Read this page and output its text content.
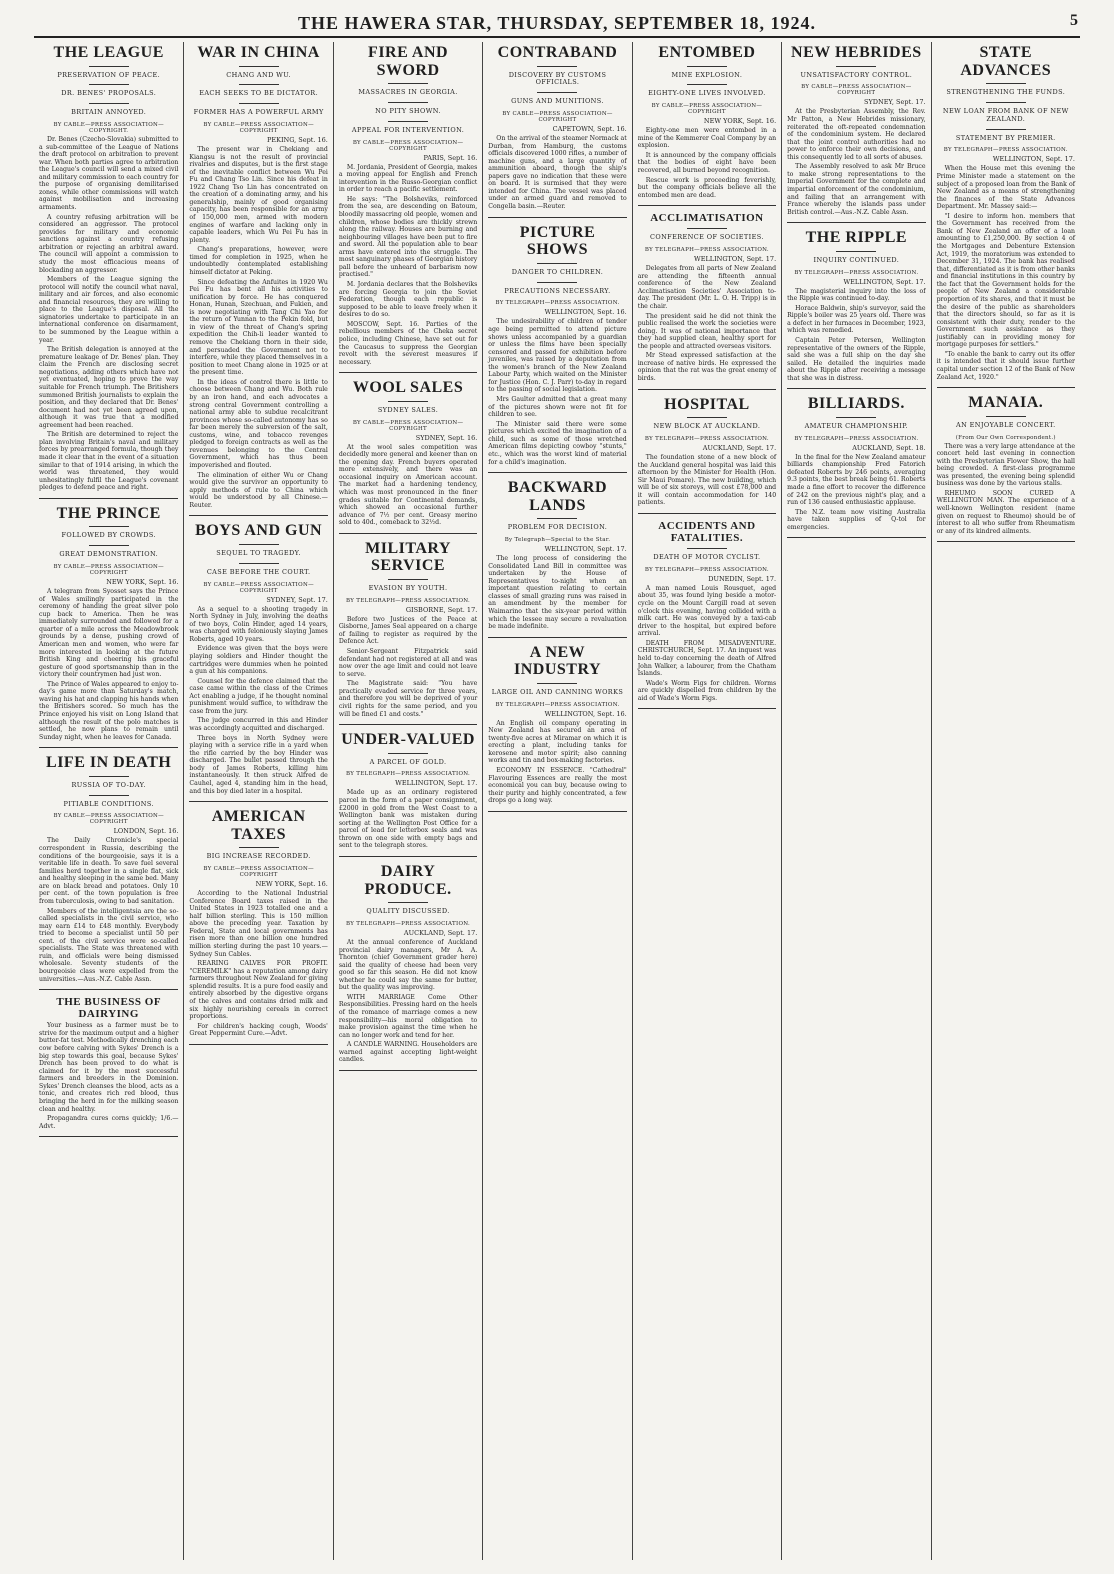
THE HAWERA STAR, THURSDAY, SEPTEMBER 18, 1924.	5
THE LEAGUE
PRESERVATION OF PEACE.
DR. BENES' PROPOSALS.
BRITAIN ANNOYED.
BY CABLE—PRESS ASSOCIATION—COPYRIGHT.

Dr. Benes (Czecho-Slovakia) submitted to a sub-committee of the League of Nations the draft protocol on arbitration to prevent war. When both parties agree to arbitration the League's council will send a mixed civil and military commission to each country for the purpose of organising demilitarised zones, while other commissions will watch against mobilisation and increasing armaments.

A country refusing arbitration will be considered an aggressor. The protocol provides for military and economic sanctions against a country refusing arbitration or rejecting an arbitral award. The council will appoint a commission to study the most efficacious means of blockading an aggressor.

Members of the League signing the protocol will notify the council what naval, military and air forces, and also economic and financial resources, they are willing to place to the League's disposal. All the signatories undertake to participate in an international conference on disarmament, to be summoned by the League within a year.

The British delegation is annoyed at the premature leakage of Dr. Benes' plan. They claim the French are disclosing secret negotiations, adding others which have not yet eventuated, hoping to prove the way suitable for French triumph. The Britishers summoned British journalists to explain the position, and they declared that Dr. Benes' document had not yet been agreed upon, although it was true that a modified agreement had been reached.

The British are determined to reject the plan involving Britain's naval and military forces by prearranged formula, though they made it clear that in the event of a situation similar to that of 1914 arising, in which the world was threatened, they would unhesitatingly fulfil the League's covenant pledges to defend peace and right.

THE PRINCE
FOLLOWED BY CROWDS.
GREAT DEMONSTRATION.
BY CABLE—PRESS ASSOCIATION—COPYRIGHT
NEW YORK, Sept. 16.

A telegram from Syosset says the Prince of Wales smilingly participated in the ceremony of handing the great silver polo cup back to America. Then he was immediately surrounded and followed for a quarter of a mile across the Meadowbrook grounds by a dense, pushing crowd of American men and women, who were far more interested in looking at the future British King and cheering his graceful gesture of good sportsmanship than in the victory their countrymen had just won.

The Prince of Wales appeared to enjoy to-day's game more than Saturday's match, waving his hat and clapping his hands when the Britishers scored. So much has the Prince enjoyed his visit on Long Island that although the result of the polo matches is settled, he now plans to remain until Sunday night, when he leaves for Canada.

LIFE IN DEATH
RUSSIA OF TO-DAY.
PITIABLE CONDITIONS.
BY CABLE—PRESS ASSOCIATION—COPYRIGHT
LONDON, Sept. 16.

The Daily Chronicle's special correspondent in Russia, describing the conditions of the bourgeoisie, says it is a veritable life in death. To save fuel several families herd together in a single flat, sick and healthy sleeping in the same bed. Many are on black bread and potatoes. Only 10 per cent. of the town population is free from tuberculosis, owing to bad sanitation.

Members of the intelligentsia are the so-called specialists in the civil service, who may earn £14 to £48 monthly. Everybody tried to become a specialist until 50 per cent. of the civil service were so-called specialists. The State was threatened with ruin, and officials were being dismissed wholesale. Seventy students of the bourgeoisie class were expelled from the universities.—Aus.-N.Z. Cable Assn.

THE BUSINESS OF DAIRYING

Your business as a farmer must be to strive for the maximum output and a higher butter-fat test. Methodically drenching each cow before calving with Sykes' Drench is a big step towards this goal, because Sykes' Drench has been proved to do what is claimed for it by the most successful farmers and breeders in the Dominion. Sykes' Drench cleanses the blood, acts as a tonic, and creates rich red blood, thus bringing the herd in for the milking season clean and healthy.

Propagandra cures corns quickly; 1/6.—Advt.

WAR IN CHINA
CHANG AND WU.
EACH SEEKS TO BE DICTATOR.
FORMER HAS A POWERFUL ARMY
BY CABLE—PRESS ASSOCIATION—COPYRIGHT
PEKING, Sept. 16.

The present war in Chekiang and Kiangsu is not the result of provincial rivalries and disputes, but is the first stage of the inevitable conflict between Wu Pei Fu and Chang Tso Lin. Since his defeat in 1922 Chang Tso Lin has concentrated on the creation of a dominating army, and his generalship, mainly of good organising capacity, has been responsible for an army of 150,000 men, armed with modern engines of warfare and lacking only in capable leaders, which Wu Pei Fu has in plenty.

Chang's preparations, however, were timed for completion in 1925, when he undoubtedly contemplated establishing himself dictator at Peking.

Since defeating the Anfuites in 1920 Wu Pei Fu has bent all his activities to unification by force. He has conquered Honan, Hunan, Szechuan, and Fukien, and is now negotiating with Tang Chi Yao for the return of Yunnan to the Pekin fold, but in view of the threat of Chang's spring expedition the Chih-li leader wanted to remove the Chekiang thorn in their side, and persuaded the Government not to interfere, while they placed themselves in a position to meet Chang alone in 1925 or at the present time.

In the ideas of control there is little to choose between Chang and Wu. Both rule by an iron hand, and each advocates a strong central Government controlling a national army able to subdue recalcitrant provinces whose so-called autonomy has so far been merely the subversion of the salt, customs, wine, and tobacco revenges pledged to foreign contracts as well as the revenues belonging to the Central Government, which has thus been impoverished and flouted.

The elimination of either Wu or Chang would give the survivor an opportunity to apply methods of rule to China which would be understood by all Chinese.—Reuter.

BOYS AND GUN
SEQUEL TO TRAGEDY.
CASE BEFORE THE COURT.
BY CABLE—PRESS ASSOCIATION—COPYRIGHT
SYDNEY, Sept. 17.

As a sequel to a shooting tragedy in North Sydney in July, involving the deaths of two boys, Colin Hinder, aged 14 years, was charged with feloniously slaying James Roberts, aged 10 years.

Evidence was given that the boys were playing soldiers and Hinder thought the cartridges were dummies when he pointed a gun at his companions.

Counsel for the defence claimed that the case came within the class of the Crimes Act enabling a judge, if he thought nominal punishment would suffice, to withdraw the case from the jury.

The judge concurred in this and Hinder was accordingly acquitted and discharged.

Three boys in North Sydney were playing with a service rifle in a yard when the rifle carried by the boy Hinder was discharged. The bullet passed through the body of James Roberts, killing him instantaneously. It then struck Alfred de Cauhel, aged 4, standing him in the head, and this boy died later in a hospital.

AMERICAN TAXES
BIG INCREASE RECORDED.
BY CABLE—PRESS ASSOCIATION—COPYRIGHT
NEW YORK, Sept. 16.

According to the National Industrial Conference Board taxes raised in the United States in 1923 totalled one and a half billion sterling. This is 150 million above the preceding year. Taxation by Federal, State and local governments has risen more than one billion one hundred million sterling during the past 10 years.—Sydney Sun Cables.

REARING CALVES FOR PROFIT. "CEREMILK" has a reputation among dairy farmers throughout New Zealand for giving splendid results. It is a pure food easily and entirely absorbed by the digestive organs of the calves and contains dried milk and six highly nourishing cereals in correct proportions.

For children's hacking cough, Woods' Great Peppermint Cure.—Advt.

FIRE AND SWORD
MASSACRES IN GEORGIA.
NO PITY SHOWN.
APPEAL FOR INTERVENTION.
BY CABLE—PRESS ASSOCIATION—COPYRIGHT
PARIS, Sept. 16.

M. Jordania, President of Georgia, makes a moving appeal for English and French intervention in the Russo-Georgian conflict in order to reach a pacific settlement.

He says: "The Bolsheviks, reinforced from the sea, are descending on Batoum, bloodily massacring old people, women and children, whose bodies are thickly strewn along the railway. Houses are burning and neighbouring villages have been put to fire and sword. All the population able to bear arms have entered into the struggle. The most sanguinary phases of Georgian history pall before the unheard of barbarism now practised."

M. Jordania declares that the Bolsheviks are forcing Georgia to join the Soviet Federation, though each republic is supposed to be able to leave freely when it desires to do so.

MOSCOW, Sept. 16. Parties of the rebellious members of the Cheka secret police, including Chinese, have set out for the Caucasus to suppress the Georgian revolt with the severest measures if necessary.

WOOL SALES
SYDNEY SALES.
BY CABLE—PRESS ASSOCIATION—COPYRIGHT
SYDNEY, Sept. 16.

At the wool sales competition was decidedly more general and keener than on the opening day. French buyers operated more extensively, and there was an occasional inquiry on American account. The market had a hardening tendency, which was most pronounced in the finer grades suitable for Continental demands, which showed an occasional further advance of 7½ per cent. Greasy merino sold to 40d., comeback to 32½d.

MILITARY SERVICE
EVASION BY YOUTH.
BY TELEGRAPH—PRESS ASSOCIATION.
GISBORNE, Sept. 17.

Before two Justices of the Peace at Gisborne, James Seal appeared on a charge of failing to register as required by the Defence Act.

Senior-Sergeant Fitzpatrick said defendant had not registered at all and was now over the age limit and could not leave to serve.

The Magistrate said: "You have practically evaded service for three years, and therefore you will be deprived of your civil rights for the same period, and you will be fined £1 and costs."

UNDER-VALUED
A PARCEL OF GOLD.
BY TELEGRAPH—PRESS ASSOCIATION.
WELLINGTON, Sept. 17.

Made up as an ordinary registered parcel in the form of a paper consignment, £2000 in gold from the West Coast to a Wellington bank was mistaken during sorting at the Wellington Post Office for a parcel of lead for letterbox seals and was thrown on one side with empty bags and sent to the telegraph stores.

DAIRY PRODUCE.
QUALITY DISCUSSED.
BY TELEGRAPH—PRESS ASSOCIATION.
AUCKLAND, Sept. 17.

At the annual conference of Auckland provincial dairy managers, Mr A. A. Thornton (chief Government grader here) said the quality of cheese had been very good so far this season. He did not know whether he could say the same for butter, but the quality was improving.

WITH MARRIAGE Come Other Responsibilities. Pressing hard on the heels of the romance of marriage comes a new responsibility—his moral obligation to make provision against the time when he can no longer work and tend for her.

A CANDLE WARNING. Householders are warned against accepting light-weight candles.

CONTRABAND
DISCOVERY BY CUSTOMS OFFICIALS.
GUNS AND MUNITIONS.
BY CABLE—PRESS ASSOCIATION—COPYRIGHT
CAPETOWN, Sept. 16.

On the arrival of the steamer Normack at Durban, from Hamburg, the customs officials discovered 1000 rifles, a number of machine guns, and a large quantity of ammunition aboard, though the ship's papers gave no indication that these were on board. It is surmised that they were intended for China. The vessel was placed under an armed guard and removed to Congella basin.—Reuter.

PICTURE SHOWS
DANGER TO CHILDREN.
PRECAUTIONS NECESSARY.
BY TELEGRAPH—PRESS ASSOCIATION.
WELLINGTON, Sept. 16.

The undesirability of children of tender age being permitted to attend picture shows unless accompanied by a guardian or unless the films have been specially censored and passed for exhibition before juveniles, was raised by a deputation from the women's branch of the New Zealand Labour Party, which waited on the Minister for Justice (Hon. C. J. Parr) to-day in regard to the passing of social legislation.

Mrs Gaulter admitted that a great many of the pictures shown were not fit for children to see.

The Minister said there were some pictures which excited the imagination of a child, such as some of those wretched American films depicting cowboy "stunts," etc., which was the worst kind of material for a child's imagination.

BACKWARD LANDS
PROBLEM FOR DECISION.
By Telegraph—Special to the Star.
WELLINGTON, Sept. 17.

The long process of considering the Consolidated Land Bill in committee was undertaken by the House of Representatives to-night when an important question relating to certain classes of small grazing runs was raised in an amendment by the member for Waimarino that the six-year period within which the lessee may secure a revaluation be made indefinite.

A NEW INDUSTRY
LARGE OIL AND CANNING WORKS
BY TELEGRAPH—PRESS ASSOCIATION.
WELLINGTON, Sept. 16.

An English oil company operating in New Zealand has secured an area of twenty-five acres at Miramar on which it is erecting a plant, including tanks for kerosene and motor spirit; also canning works and tin and box-making factories.

ECONOMY IN ESSENCE. "Cathedral" Flavouring Essences are really the most economical you can buy, because owing to their purity and highly concentrated, a few drops go a long way.

ENTOMBED
MINE EXPLOSION.
EIGHTY-ONE LIVES INVOLVED.
BY CABLE—PRESS ASSOCIATION—COPYRIGHT
NEW YORK, Sept. 16.

Eighty-one men were entombed in a mine of the Kemmerer Coal Company by an explosion.

It is announced by the company officials that the bodies of eight have been recovered, all burned beyond recognition.

Rescue work is proceeding feverishly, but the company officials believe all the entombed men are dead.

ACCLIMATISATION
CONFERENCE OF SOCIETIES.
BY TELEGRAPH—PRESS ASSOCIATION.
WELLINGTON, Sept. 17.

Delegates from all parts of New Zealand are attending the fifteenth annual conference of the New Zealand Acclimatisation Societies' Association to-day. The president (Mr. L. O. H. Tripp) is in the chair.

The president said he did not think the public realised the work the societies were doing. It was of national importance that they had supplied clean, healthy sport for the people and attracted overseas visitors.

Mr Stead expressed satisfaction at the increase of native birds. He expressed the opinion that the rat was the great enemy of birds.

HOSPITAL
NEW BLOCK AT AUCKLAND.
BY TELEGRAPH—PRESS ASSOCIATION.
AUCKLAND, Sept. 17.

The foundation stone of a new block of the Auckland general hospital was laid this afternoon by the Minister for Health (Hon. Sir Maui Pomare). The new building, which will be of six storeys, will cost £78,000 and it will contain accommodation for 140 patients.

ACCIDENTS AND FATALITIES.
DEATH OF MOTOR CYCLIST.
BY TELEGRAPH—PRESS ASSOCIATION.
DUNEDIN, Sept. 17.

A man named Louis Rousquet, aged about 35, was found lying beside a motor-cycle on the Mount Cargill road at seven o'clock this evening, having collided with a milk cart. He was conveyed by a taxi-cab driver to the hospital, but expired before arrival.

DEATH FROM MISADVENTURE. CHRISTCHURCH, Sept. 17. An inquest was held to-day concerning the death of Alfred John Walker, a labourer, from the Chatham Islands.

Wade's Worm Figs for children. Worms are quickly dispelled from children by the aid of Wade's Worm Figs.

NEW HEBRIDES
UNSATISFACTORY CONTROL.
BY CABLE—PRESS ASSOCIATION—COPYRIGHT
SYDNEY, Sept. 17.

At the Presbyterian Assembly, the Rev. Mr Patton, a New Hebrides missionary, reiterated the oft-repeated condemnation of the condominium system. He declared that the joint control authorities had no power to enforce their own decisions, and this consequently led to all sorts of abuses.

The Assembly resolved to ask Mr Bruce to make strong representations to the Imperial Government for the complete and impartial enforcement of the condominium, and failing that an arrangement with France whereby the islands pass under British control.—Aus.-N.Z. Cable Assn.

THE RIPPLE
INQUIRY CONTINUED.
BY TELEGRAPH—PRESS ASSOCIATION.
WELLINGTON, Sept. 17.

The magisterial inquiry into the loss of the Ripple was continued to-day.

Horace Baldwin, ship's surveyor, said the Ripple's boiler was 25 years old. There was a defect in her furnaces in December, 1923, which was remedied.

Captain Peter Petersen, Wellington representative of the owners of the Ripple, said she was a full ship on the day she sailed. He detailed the inquiries made about the Ripple after receiving a message that she was in distress.

BILLIARDS.
AMATEUR CHAMPIONSHIP.
BY TELEGRAPH—PRESS ASSOCIATION.
AUCKLAND, Sept. 18.

In the final for the New Zealand amateur billiards championship Fred Fatorich defeated Roberts by 246 points, averaging 9.3 points, the best break being 61. Roberts made a fine effort to recover the difference of 242 on the previous night's play, and a run of 136 caused enthusiastic applause.

The N.Z. team now visiting Australia have taken supplies of Q-tol for emergencies.

STATE ADVANCES
STRENGTHENING THE FUNDS.
NEW LOAN FROM BANK OF NEW ZEALAND.
STATEMENT BY PREMIER.
BY TELEGRAPH—PRESS ASSOCIATION.
WELLINGTON, Sept. 17.

When the House met this evening the Prime Minister made a statement on the subject of a proposed loan from the Bank of New Zealand as a means of strengthening the finances of the State Advances Department. Mr. Massey said:—

"I desire to inform hon. members that the Government has received from the Bank of New Zealand an offer of a loan amounting to £1,250,000. By section 4 of the Mortgages and Debenture Extension Act, 1919, the moratorium was extended to December 31, 1924. The bank has realised that, differentiated as it is from other banks and financial institutions in this country by the fact that the Government holds for the people of New Zealand a considerable proportion of its shares, and that it must be the desire of the public as shareholders that the directors should, so far as it is consistent with their duty, render to the Government such assistance as they justifiably can in providing money for mortgage purposes for settlers."

"To enable the bank to carry out its offer it is intended that it should issue further capital under section 12 of the Bank of New Zealand Act, 1920."

MANAIA.
AN ENJOYABLE CONCERT.
(From Our Own Correspondent.)

There was a very large attendance at the concert held last evening in connection with the Presbyterian Flower Show, the hall being crowded. A first-class programme was presented, the evening being splendid business was done by the various stalls.

RHEUMO SOON CURED A WELLINGTON MAN. The experience of a well-known Wellington resident (name given on request to Rheumo) should be of interest to all who suffer from Rheumatism or any of its kindred ailments.
